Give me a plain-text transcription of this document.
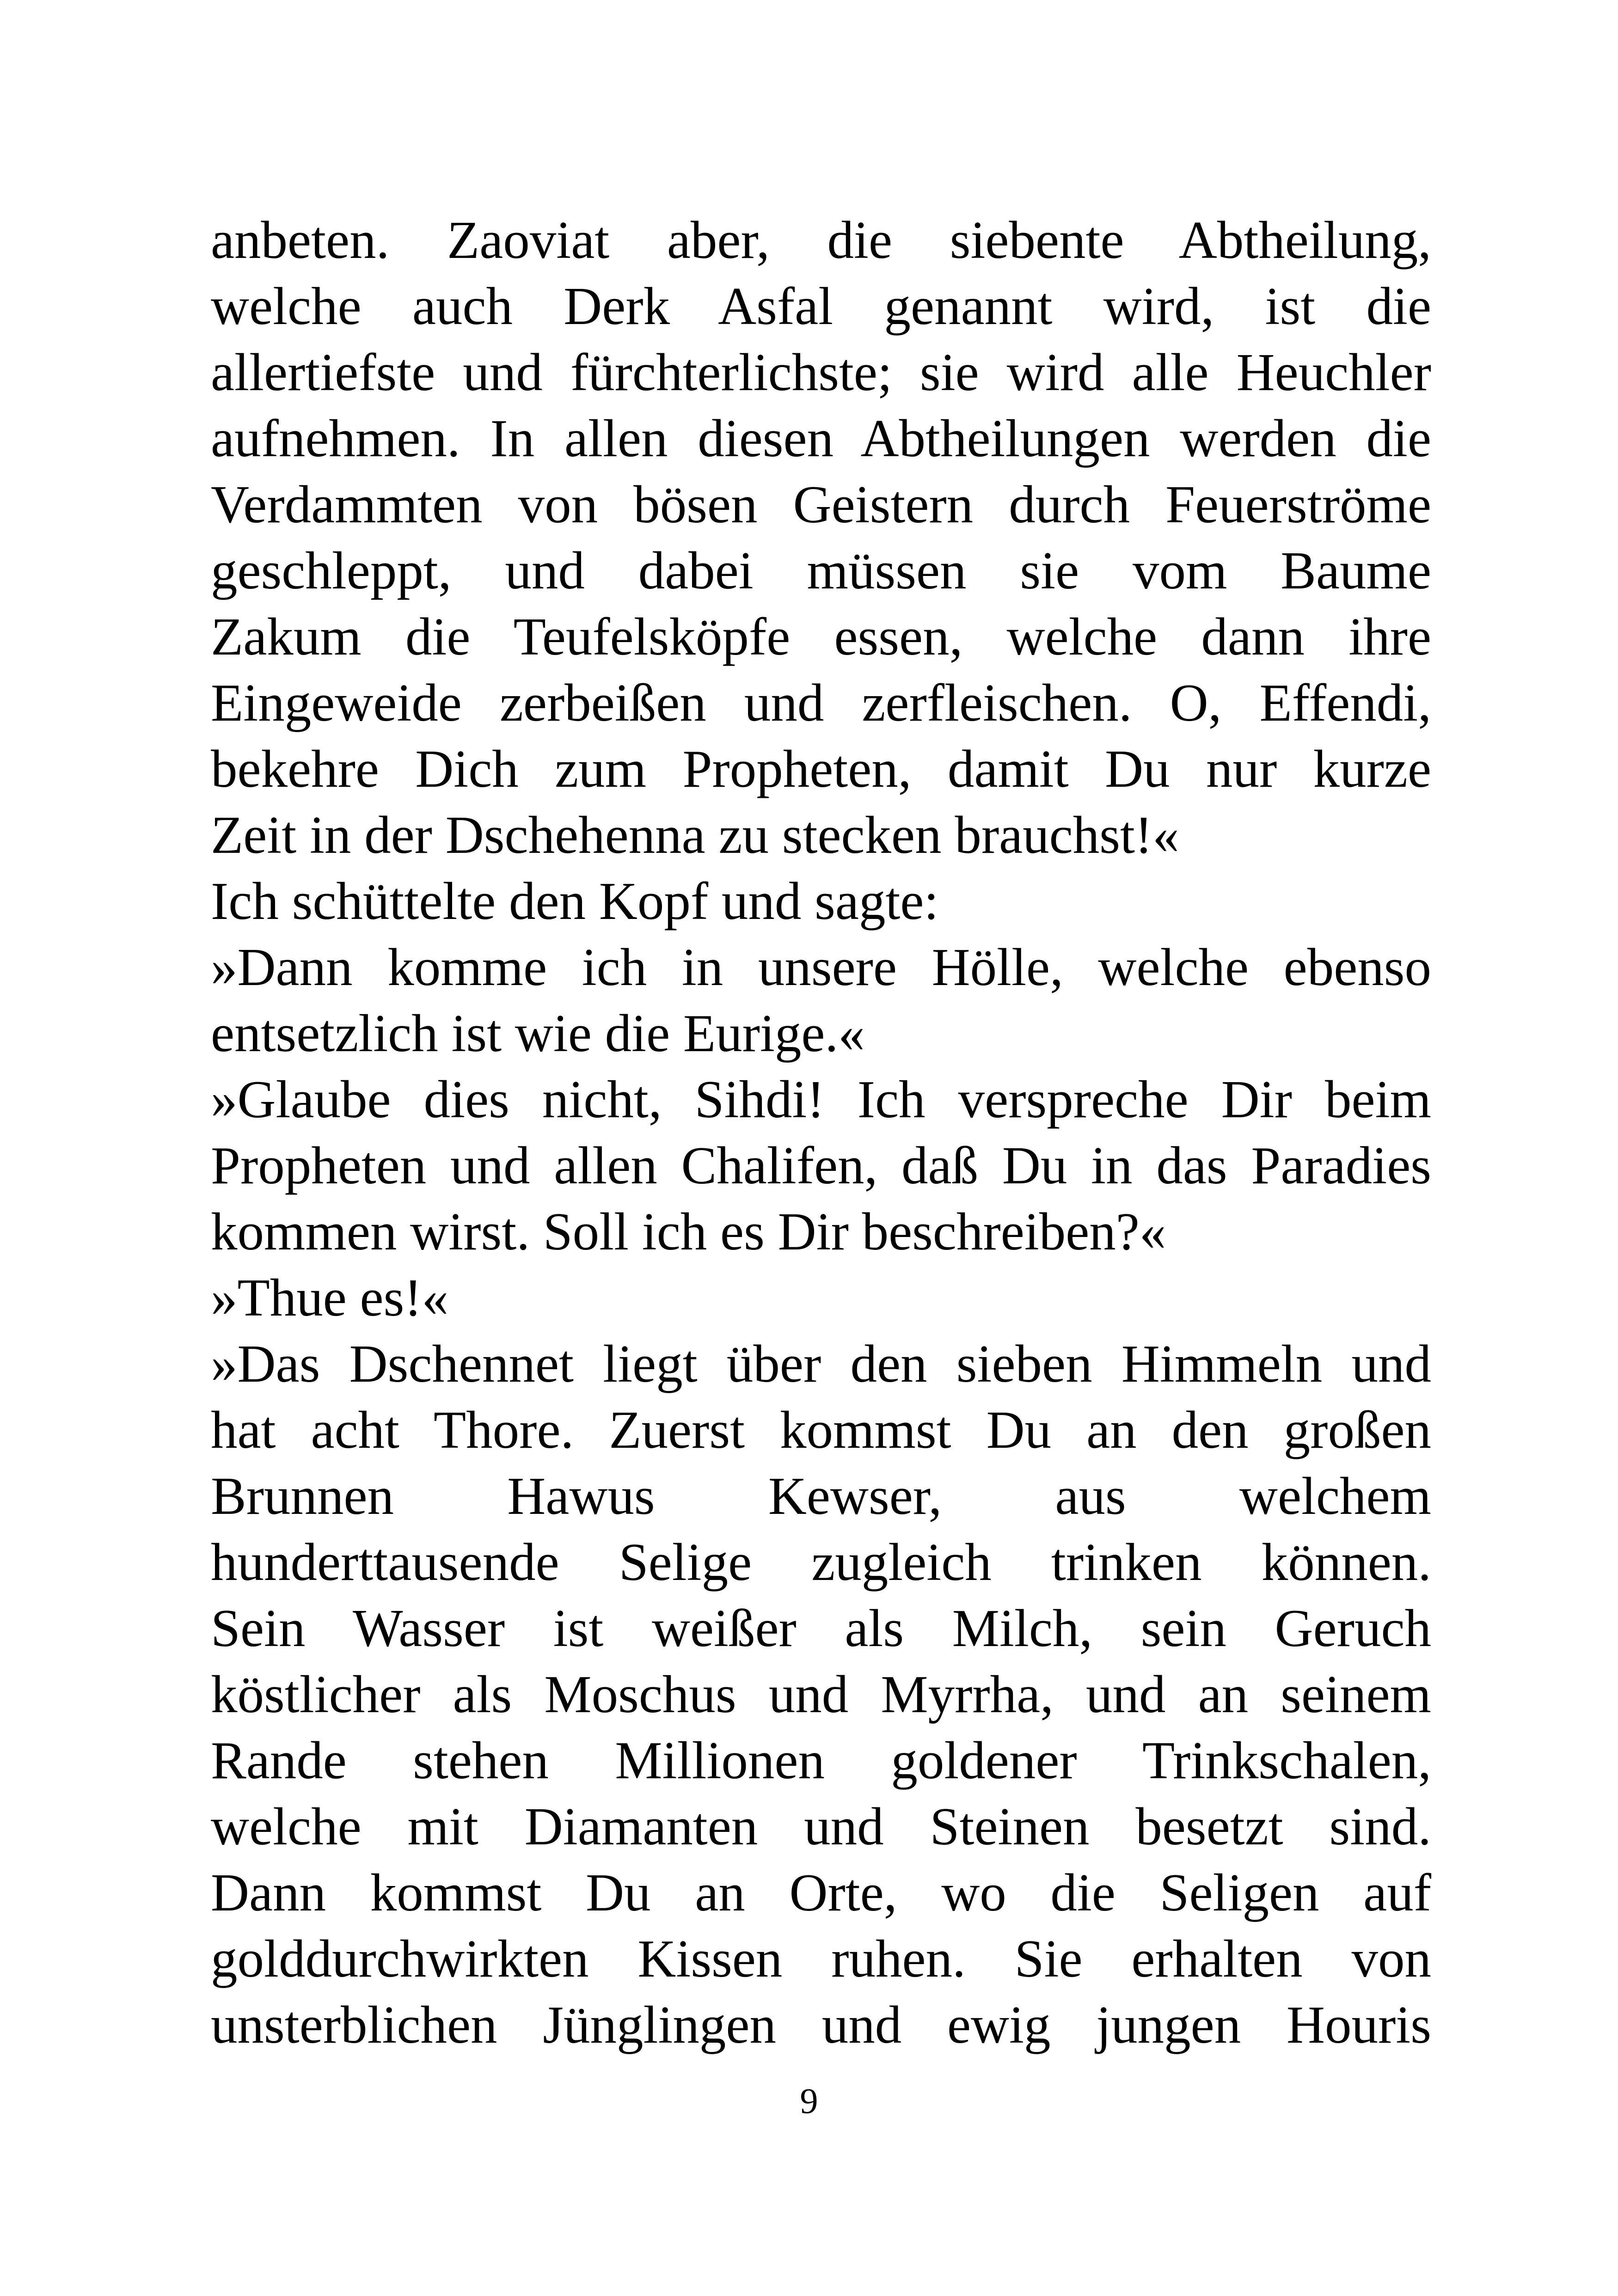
anbeten. Zaoviat aber, die siebente Abtheilung,
welche auch Derk Asfal genannt wird, ist die
allertiefste und fürchterlichste; sie wird alle Heuchler
aufnehmen. In allen diesen Abtheilungen werden die
Verdammten von bösen Geistern durch Feuerströme
geschleppt, und dabei müssen sie vom Baume
Zakum die Teufelsköpfe essen, welche dann ihre
Eingeweide zerbeißen und zerfleischen. O, Effendi,
bekehre Dich zum Propheten, damit Du nur kurze
Zeit in der Dschehenna zu stecken brauchst!«
Ich schüttelte den Kopf und sagte:
»Dann komme ich in unsere Hölle, welche ebenso
entsetzlich ist wie die Eurige.«
»Glaube dies nicht, Sihdi! Ich verspreche Dir beim
Propheten und allen Chalifen, daß Du in das Paradies
kommen wirst. Soll ich es Dir beschreiben?«
»Thue es!«
»Das Dschennet liegt über den sieben Himmeln und
hat acht Thore. Zuerst kommst Du an den großen
Brunnen Hawus Kewser, aus welchem
hunderttausende Selige zugleich trinken können.
Sein Wasser ist weißer als Milch, sein Geruch
köstlicher als Moschus und Myrrha, und an seinem
Rande stehen Millionen goldener Trinkschalen,
welche mit Diamanten und Steinen besetzt sind.
Dann kommst Du an Orte, wo die Seligen auf
golddurchwirkten Kissen ruhen. Sie erhalten von
unsterblichen Jünglingen und ewig jungen Houris
9
